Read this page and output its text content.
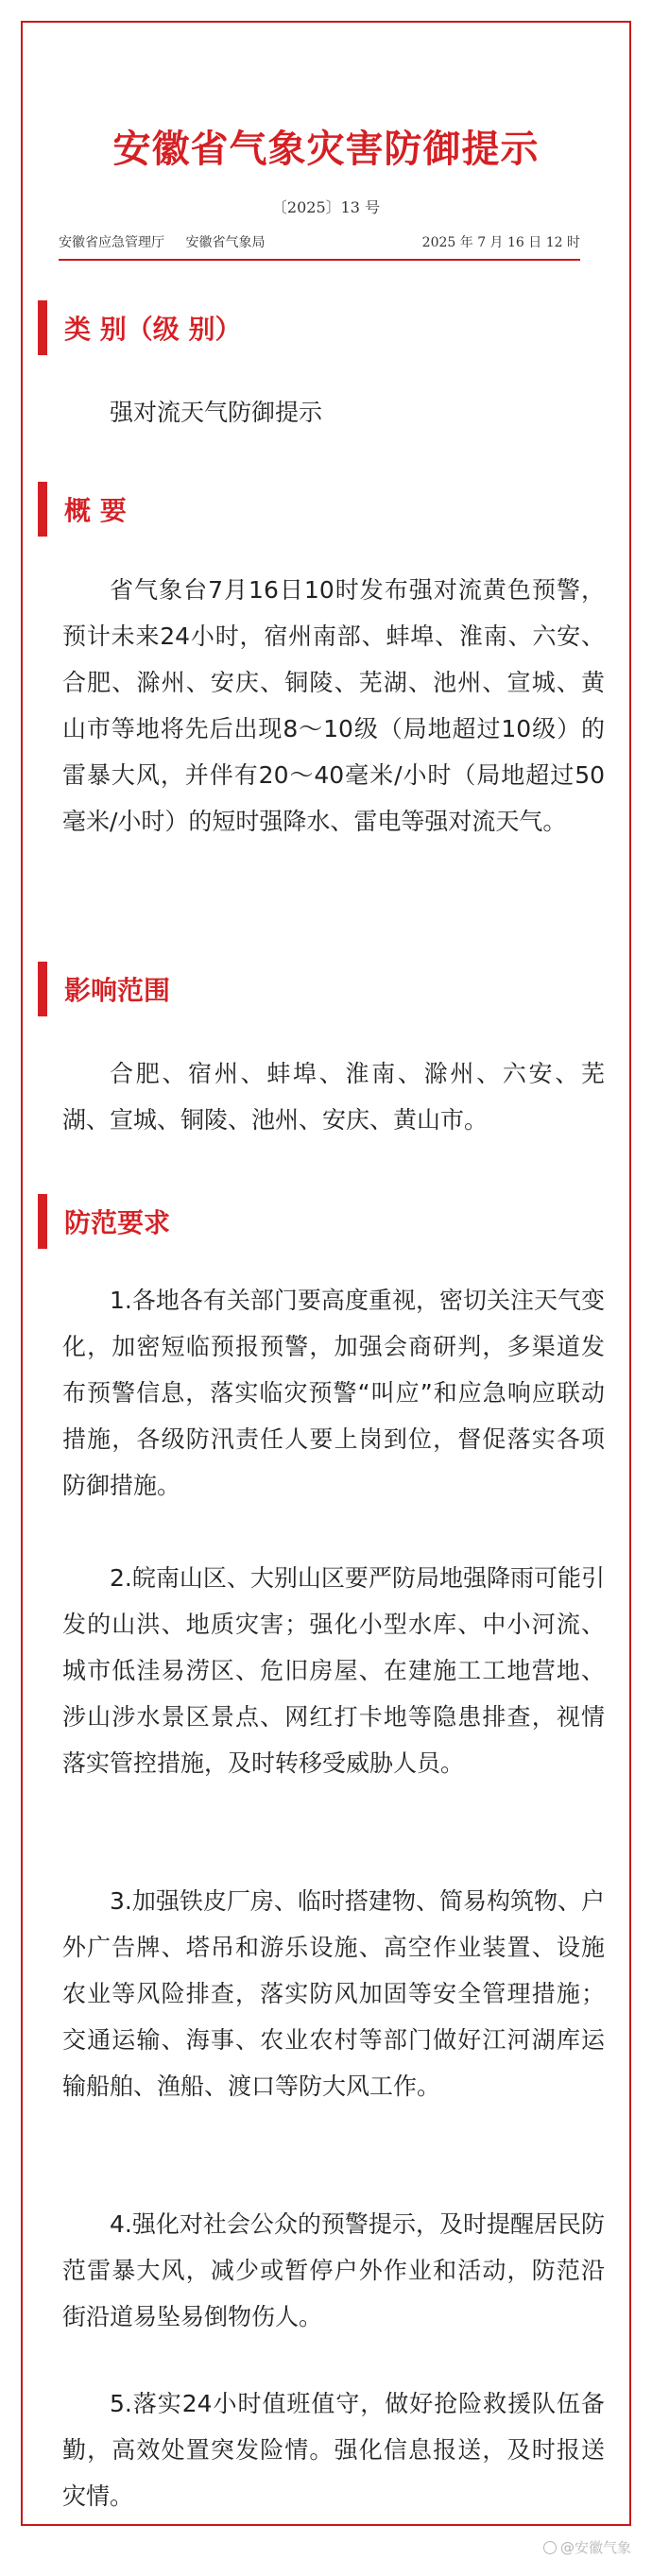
安徽省气象灾害防御提示
〔2025〕13 号
安徽省应急管理厅 安徽省气象局	2025 年 7 月 16 日 12 时
类 别（级 别）

强对流天气防御提示

概 要

省气象台7月16日10时发布强对流黄色预警，预计未来24小时，宿州南部、蚌埠、淮南、六安、合肥、滁州、安庆、铜陵、芜湖、池州、宣城、黄山市等地将先后出现8～10级（局地超过10级）的雷暴大风，并伴有20～40毫米/小时（局地超过50毫米/小时）的短时强降水、雷电等强对流天气。

影响范围

合肥、宿州、蚌埠、淮南、滁州、六安、芜湖、宣城、铜陵、池州、安庆、黄山市。

防范要求

1.各地各有关部门要高度重视，密切关注天气变化，加密短临预报预警，加强会商研判，多渠道发布预警信息，落实临灾预警“叫应”和应急响应联动措施，各级防汛责任人要上岗到位，督促落实各项防御措施。

2.皖南山区、大别山区要严防局地强降雨可能引发的山洪、地质灾害；强化小型水库、中小河流、城市低洼易涝区、危旧房屋、在建施工工地营地、涉山涉水景区景点、网红打卡地等隐患排查，视情落实管控措施，及时转移受威胁人员。

3.加强铁皮厂房、临时搭建物、简易构筑物、户外广告牌、塔吊和游乐设施、高空作业装置、设施农业等风险排查，落实防风加固等安全管理措施；交通运输、海事、农业农村等部门做好江河湖库运输船舶、渔船、渡口等防大风工作。

4.强化对社会公众的预警提示，及时提醒居民防范雷暴大风，减少或暂停户外作业和活动，防范沿街沿道易坠易倒物伤人。

5.落实24小时值班值守，做好抢险救援队伍备勤，高效处置突发险情。强化信息报送，及时报送灾情。

@安徽气象
